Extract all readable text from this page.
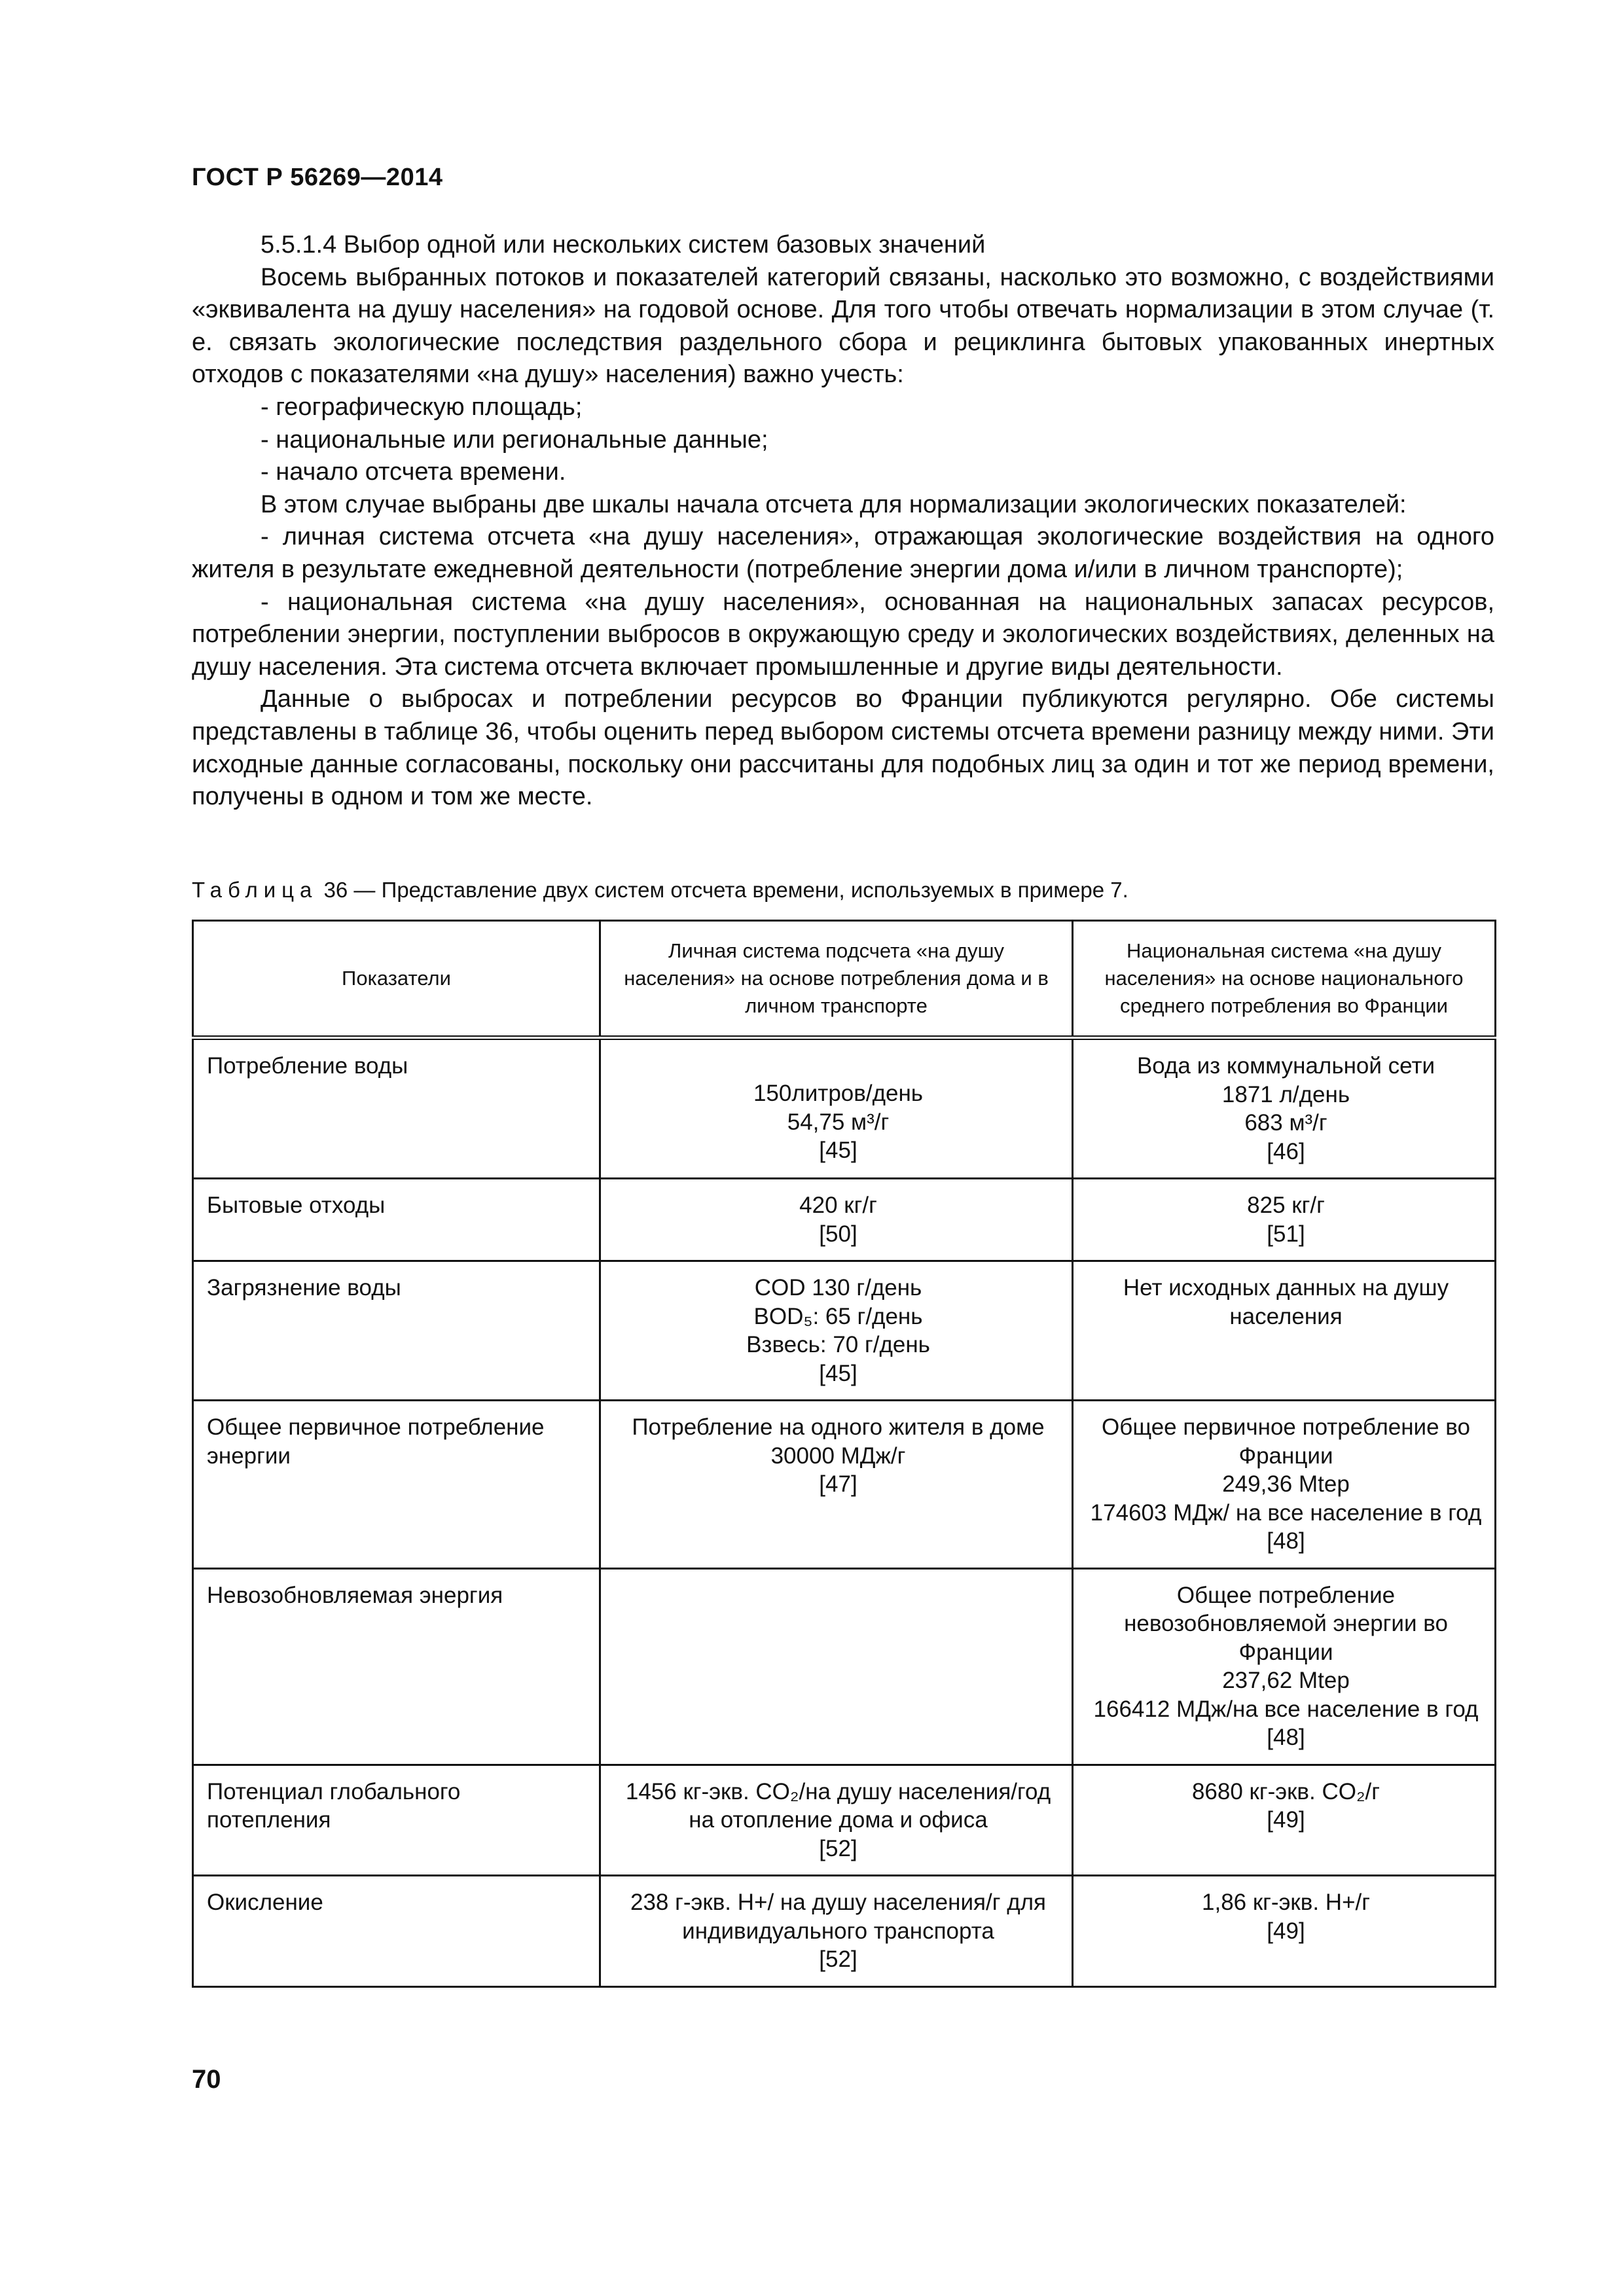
ГОСТ Р 56269—2014

5.5.1.4 Выбор одной или нескольких систем базовых значений

Восемь выбранных потоков и показателей категорий связаны, насколько это возможно, с воздействиями «эквивалента на душу населения» на годовой основе. Для того чтобы отвечать нормализации в этом случае (т. е. связать экологические последствия раздельного сбора и рециклинга бытовых упакованных инертных отходов с показателями «на душу» населения) важно учесть:

- географическую площадь;

- национальные или региональные данные;

- начало отсчета времени.

В этом случае выбраны две шкалы начала отсчета для нормализации экологических показателей:

- личная система отсчета «на душу населения», отражающая экологические воздействия на одного жителя в результате ежедневной деятельности (потребление энергии дома и/или в личном транспорте);

- национальная система «на душу населения», основанная на национальных запасах ресурсов, потреблении энергии, поступлении выбросов в окружающую среду и экологических воздействиях, деленных на душу населения. Эта система отсчета включает промышленные и другие виды деятельности.

Данные о выбросах и потреблении ресурсов во Франции публикуются регулярно. Обе системы представлены в таблице 36, чтобы оценить перед выбором системы отсчета времени разницу между ними. Эти исходные данные согласованы, поскольку они рассчитаны для подобных лиц за один и тот же период времени, получены в одном и том же месте.

Таблица 36 — Представление двух систем отсчета времени, используемых в примере 7.
Показатели	Личная система подсчета «на душу населения» на основе потребления дома и в личном транспорте	Национальная система «на душу населения» на основе национального среднего потребления во Франции
Потребление воды	150литров/день
54,75 м³/г
[45]	Вода из коммунальной сети
1871 л/день
683 м³/г
[46]

Бытовые отходы	420 кг/г
[50]	825 кг/г
[51]

Загрязнение воды	COD 130 г/день
BOD₅: 65 г/день
Взвесь: 70 г/день
[45]	Нет исходных данных на душу населения

Общее первичное потребление энергии	Потребление на одного жителя в доме
30000 МДж/г
[47]	Общее первичное потребление во Франции
249,36 Mtep
174603 МДж/ на все население в год
[48]

Невозобновляемая энергия		Общее потребление невозобновляемой энергии во Франции
237,62 Mtep
166412 МДж/на все население в год
[48]

Потенциал глобального потепления	1456 кг-экв. CO₂/на душу населения/год на отопление дома и офиса
[52]	8680 кг-экв. CO₂/г
[49]

Окисление	238 г-экв. H+/ на душу населения/г для индивидуального транспорта
[52]	1,86 кг-экв. H+/г
[49]
70
